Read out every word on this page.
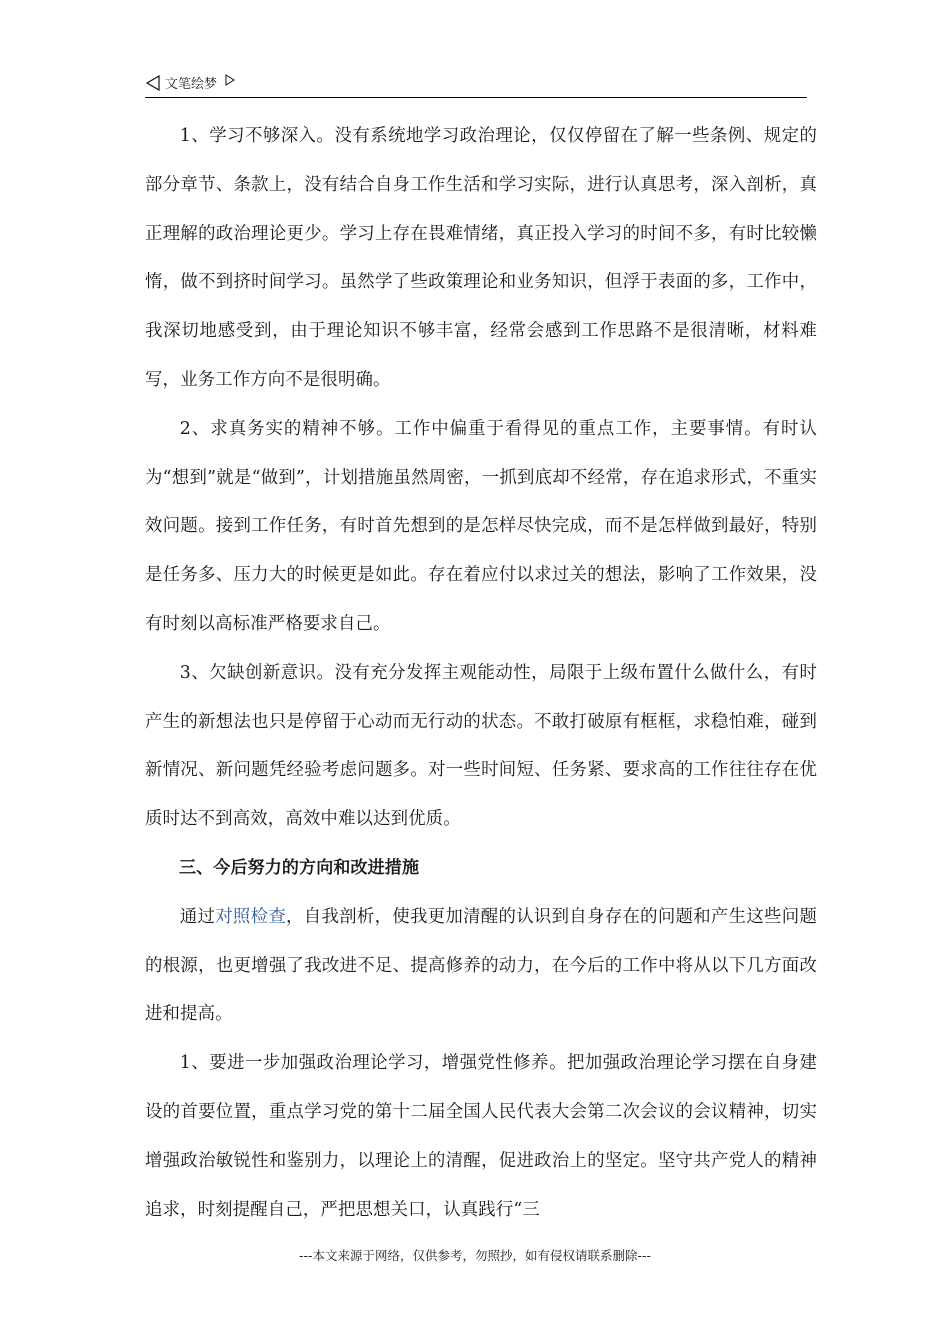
文笔绘梦

1、学习不够深入。没有系统地学习政治理论，仅仅停留在了解一些条例、规定的部分章节、条款上，没有结合自身工作生活和学习实际，进行认真思考，深入剖析，真正理解的政治理论更少。学习上存在畏难情绪，真正投入学习的时间不多，有时比较懒惰，做不到挤时间学习。虽然学了些政策理论和业务知识，但浮于表面的多，工作中，我深切地感受到，由于理论知识不够丰富，经常会感到工作思路不是很清晰，材料难写，业务工作方向不是很明确。

2、求真务实的精神不够。工作中偏重于看得见的重点工作，主要事情。有时认为“想到”就是“做到”，计划措施虽然周密，一抓到底却不经常，存在追求形式，不重实效问题。接到工作任务，有时首先想到的是怎样尽快完成，而不是怎样做到最好，特别是任务多、压力大的时候更是如此。存在着应付以求过关的想法，影响了工作效果，没有时刻以高标准严格要求自己。

3、欠缺创新意识。没有充分发挥主观能动性，局限于上级布置什么做什么，有时产生的新想法也只是停留于心动而无行动的状态。不敢打破原有框框，求稳怕难，碰到新情况、新问题凭经验考虑问题多。对一些时间短、任务紧、要求高的工作往往存在优质时达不到高效，高效中难以达到优质。

三、今后努力的方向和改进措施

通过对照检查，自我剖析，使我更加清醒的认识到自身存在的问题和产生这些问题的根源，也更增强了我改进不足、提高修养的动力，在今后的工作中将从以下几方面改进和提高。

1、要进一步加强政治理论学习，增强党性修养。把加强政治理论学习摆在自身建设的首要位置，重点学习党的第十二届全国人民代表大会第二次会议的会议精神，切实增强政治敏锐性和鉴别力，以理论上的清醒，促进政治上的坚定。坚守共产党人的精神追求，时刻提醒自己，严把思想关口，认真践行“三

---本文来源于网络，仅供参考，勿照抄，如有侵权请联系删除---
